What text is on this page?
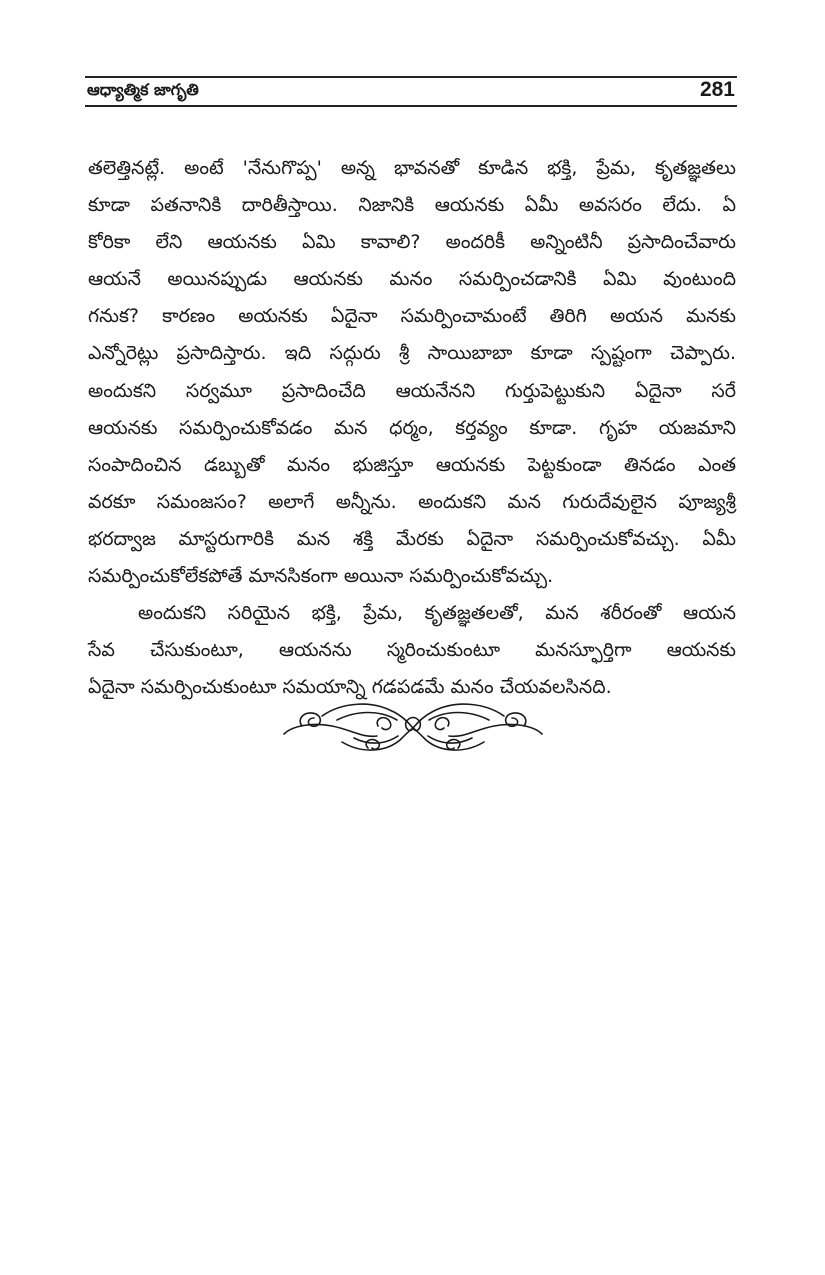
ఆధ్యాత్మిక జాగృతి	281

తలెత్తినట్లే. అంటే 'నేనుగొప్ప' అన్న భావనతో కూడిన భక్తి, ప్రేమ, కృతజ్ఞతలు

కూడా పతనానికి దారితీస్తాయి. నిజానికి ఆయనకు ఏమీ అవసరం లేదు. ఏ

కోరికా లేని ఆయనకు ఏమి కావాలి? అందరికీ అన్నింటినీ ప్రసాదించేవారు

ఆయనే అయినప్పుడు ఆయనకు మనం సమర్పించడానికి ఏమి వుంటుంది

గనుక? కారణం అయనకు ఏదైనా సమర్పించామంటే తిరిగి అయన మనకు

ఎన్నోరెట్లు ప్రసాదిస్తారు. ఇది సద్గురు శ్రీ సాయిబాబా కూడా స్పష్టంగా చెప్పారు.

అందుకని సర్వమూ ప్రసాదించేది ఆయనేనని గుర్తుపెట్టుకుని ఏదైనా సరే

ఆయనకు సమర్పించుకోవడం మన ధర్మం, కర్తవ్యం కూడా. గృహ యజమాని

సంపాదించిన డబ్బుతో మనం భుజిస్తూ ఆయనకు పెట్టకుండా తినడం ఎంత

వరకూ సమంజసం? అలాగే అన్నీను. అందుకని మన గురుదేవులైన పూజ్యశ్రీ

భరద్వాజ మాస్టరుగారికి మన శక్తి మేరకు ఏదైనా సమర్పించుకోవచ్చు. ఏమీ

సమర్పించుకోలేకపోతే మానసికంగా అయినా సమర్పించుకోవచ్చు.

అందుకని సరియైన భక్తి, ప్రేమ, కృతజ్ఞతలతో, మన శరీరంతో ఆయన

సేవ చేసుకుంటూ, ఆయనను స్మరించుకుంటూ మనస్ఫూర్తిగా ఆయనకు

ఏదైనా సమర్పించుకుంటూ సమయాన్ని గడపడమే మనం చేయవలసినది.
